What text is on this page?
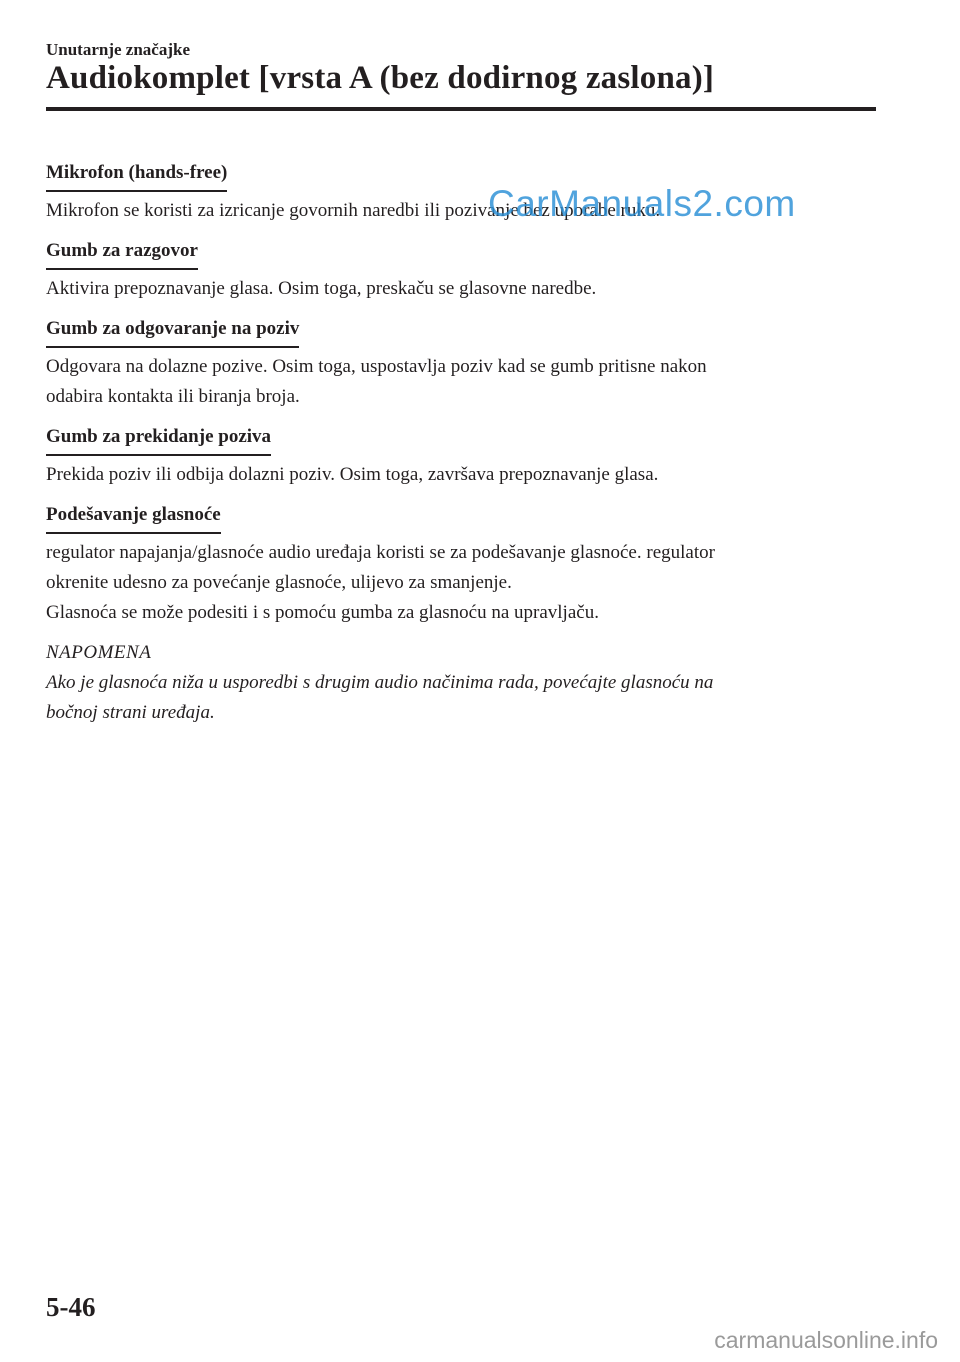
Unutarnje značajke
Audiokomplet [vrsta A (bez dodirnog zaslona)]
Mikrofon (hands-free)

Mikrofon se koristi za izricanje govornih naredbi ili pozivanje bez uporabe ruku.

Gumb za razgovor

Aktivira prepoznavanje glasa. Osim toga, preskaču se glasovne naredbe.

Gumb za odgovaranje na poziv

Odgovara na dolazne pozive. Osim toga, uspostavlja poziv kad se gumb pritisne nakon
odabira kontakta ili biranja broja.

Gumb za prekidanje poziva

Prekida poziv ili odbija dolazni poziv. Osim toga, završava prepoznavanje glasa.

Podešavanje glasnoće

regulator napajanja/glasnoće audio uređaja koristi se za podešavanje glasnoće. regulator
okrenite udesno za povećanje glasnoće, ulijevo za smanjenje.
Glasnoća se može podesiti i s pomoću gumba za glasnoću na upravljaču.

NAPOMENA

Ako je glasnoća niža u usporedbi s drugim audio načinima rada, povećajte glasnoću na
bočnoj strani uređaja.

CarManuals2.com
5-46
carmanualsonline.info
